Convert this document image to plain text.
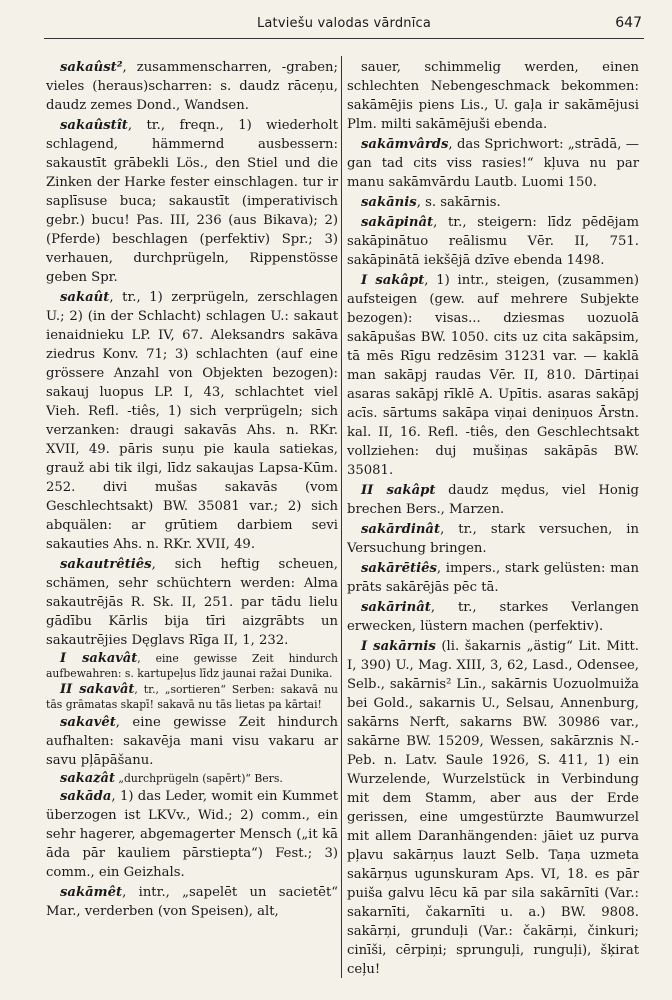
Latviešu valodas vārdnīca	647

sakaûst², zusammenscharren, -graben; vieles (heraus)scharren: s. daudz rāceņu, daudz zemes Dond., Wandsen.

sakaûstît, tr., freqn., 1) wiederholt schlagend, hämmernd ausbessern: sakaustīt grābekli Lös., den Stiel und die Zinken der Harke fester einschlagen. tur ir saplīsuse buca; sakaustīt (imperativisch gebr.) bucu! Pas. III, 236 (aus Bikava); 2) (Pferde) beschlagen (perfektiv) Spr.; 3) verhauen, durchprügeln, Rippenstösse geben Spr.

sakaût, tr., 1) zerprügeln, zerschlagen U.; 2) (in der Schlacht) schlagen U.: sakaut ienaidnieku LP. IV, 67. Aleksandrs sakāva ziedrus Konv. 71; 3) schlachten (auf eine grössere Anzahl von Objekten bezogen): sakauj luopus LP. I, 43, schlachtet viel Vieh. Refl. -tiês, 1) sich verprügeln; sich verzanken: draugi sakavās Ahs. n. RKr. XVII, 49. pāris suņu pie kaula satiekas, grauž abi tik ilgi, līdz sakaujas Lapsa-Kūm. 252. divi mušas sakavās (vom Geschlechtsakt) BW. 35081 var.; 2) sich abquälen: ar grūtiem darbiem sevi sakauties Ahs. n. RKr. XVII, 49.

sakautrêtiês, sich heftig scheuen, schämen, sehr schüchtern werden: Alma sakautrējās R. Sk. II, 251. par tādu lielu gādību Kārlis bija tīri aizgrābts un sakautrējies Dęglavs Rīga II, 1, 232.

I sakavât, eine gewisse Zeit hindurch aufbewahren: s. kartupeļus līdz jaunai ražai Dunika.

II sakavât, tr., „sortieren“ Serben: sakavā nu tās grāmatas skapī! sakavā nu tās lietas pa kārtai!

sakavêt, eine gewisse Zeit hindurch aufhalten: sakavēja mani visu vakaru ar savu pļāpāšanu.

sakazât „durchprügeln (sapērt)“ Bers.

sakāda, 1) das Leder, womit ein Kummet überzogen ist LKVv., Wid.; 2) comm., ein sehr hagerer, abgemagerter Mensch („it kā āda pār kauliem pārstiepta“) Fest.; 3) comm., ein Geizhals.

sakāmêt, intr., „sapelēt un sacietēt“ Mar., verderben (von Speisen), alt,

sauer, schimmelig werden, einen schlechten Nebengeschmack bekommen: sakāmējis piens Lis., U. gaļa ir sakāmējusi Plm. milti sakāmējuši ebenda.

sakāmvârds, das Sprichwort: „strādā, —gan tad cits viss rasies!“ kļuva nu par manu sakāmvārdu Lautb. Luomi 150.

sakānis, s. sakārnis.

sakāpinât, tr., steigern: līdz pēdējam sakāpinātuo reālismu Vēr. II, 751. sakāpinātā iekšējā dzīve ebenda 1498.

I sakâpt, 1) intr., steigen, (zusammen) aufsteigen (gew. auf mehrere Subjekte bezogen): visas... dziesmas uozuolā sakāpušas BW. 1050. cits uz cita sakāpsim, tā mēs Rīgu redzēsim 31231 var. — kaklā man sakāpj raudas Vēr. II, 810. Dārtiņai asaras sakāpj rīklē A. Upītis. asaras sakāpj acīs. sārtums sakāpa viņai deniņuos Ārstn. kal. II, 16. Refl. -tiês, den Geschlechtsakt vollziehen: duj mušiņas sakāpās BW. 35081.

II sakâpt daudz mędus, viel Honig brechen Bers., Marzen.

sakārdinât, tr., stark versuchen, in Versuchung bringen.

sakārētiês, impers., stark gelüsten: man prāts sakārējās pēc tā.

sakārinât, tr., starkes Verlangen erwecken, lüstern machen (perfektiv).

I sakārnis (li. šakarnis „ästig“ Lit. Mitt. I, 390) U., Mag. XIII, 3, 62, Lasd., Odensee, Selb., sakārnis² Līn., sakārnis Uozuolmuiža bei Gold., sakarnis U., Selsau, Annenburg, sakārns Nerft, sakarns BW. 30986 var., sakārne BW. 15209, Wessen, sakārznis N.-Peb. n. Latv. Saule 1926, S. 411, 1) ein Wurzelende, Wurzelstück in Verbindung mit dem Stamm, aber aus der Erde gerissen, eine umgestürzte Baumwurzel mit allem Daranhängenden: jāiet uz purva pļavu sakārņus lauzt Selb. Taņa uzmeta sakārņus ugunskuram Aps. VI, 18. es pār puiša galvu lēcu kā par sila sakārnīti (Var.: sakarnīti, čakarnīti u. a.) BW. 9808. sakārņi, grunduļi (Var.: čakārņi, činkuri; cinīši, cērpiņi; sprunguļi, runguļi), šķirat ceļu!
